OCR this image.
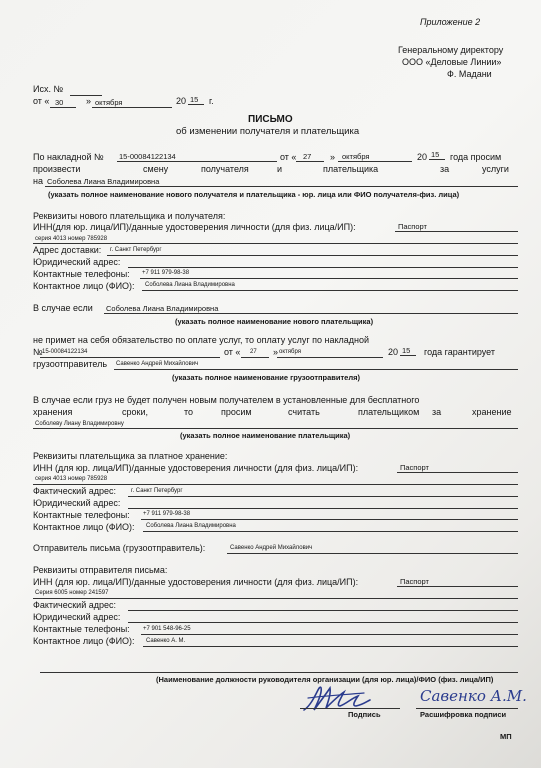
Приложение 2
Генеральному директору
ООО «Деловые Линии»
Ф. Мадани
Исх. №
от « 30	» октября	20 15 г.
ПИСЬМО
об изменении получателя и плательщика
По накладной № 15-00084122134	от « 27 » октября	20 15 года просим
произвести	смену	получателя	и	плательщика	за	услуги
на Соболева Лиана Владимировна
(указать полное наименование нового получателя и плательщика - юр. лица или ФИО получателя-физ. лица)
Реквизиты нового плательщика и получателя:
ИНН(для юр. лица/ИП)/данные удостоверения личности (для физ. лица/ИП):	Паспорт
серия 4013 номер 785928
Адрес доставки: г. Санкт Петербург
Юридический адрес:
Контактные телефоны: +7 911 979-98-38
Контактное лицо (ФИО): Соболева Лиана Владимировна
В случае если Соболева Лиана Владимировна
(указать полное наименование нового плательщика)
не примет на себя обязательство по оплате услуг, то оплату услуг по накладной
№ 15-00084122134	от « 27 » октября	20 15 года гарантирует
грузоотправитель Савенко Андрей Михайлович
(указать полное наименование грузоотправителя)
В случае если груз не будет получен новым получателем в установленные для бесплатного
хранения	сроки,	то	просим	считать	плательщиком за	хранение
Соболеву Лиану Владимировну
(указать полное наименование плательщика)
Реквизиты плательщика за платное хранение:
ИНН (для юр. лица/ИП)/данные удостоверения личности (для физ. лица/ИП):	Паспорт
серия 4013 номер 785928
Фактический адрес:	г. Санкт Петербург
Юридический адрес:
Контактные телефоны: +7 911 979-98-38
Контактное лицо (ФИО): Соболева Лиана Владимировна
Отправитель письма (грузоотправитель):	Савенко Андрей Михайлович
Реквизиты отправителя письма:
ИНН (для юр. лица/ИП)/данные удостоверения личности (для физ. лица/ИП):	Паспорт
Серия 6005 номер 241597
Фактический адрес:
Юридический адрес:
Контактные телефоны: +7 901 548-96-25
Контактное лицо (ФИО): Савенко А. М.
(Наименование должности руководителя организации (для юр. лица)/ФИО (физ. лица/ИП)
Подпись
Савенко А.М.
Расшифровка подписи
МП
